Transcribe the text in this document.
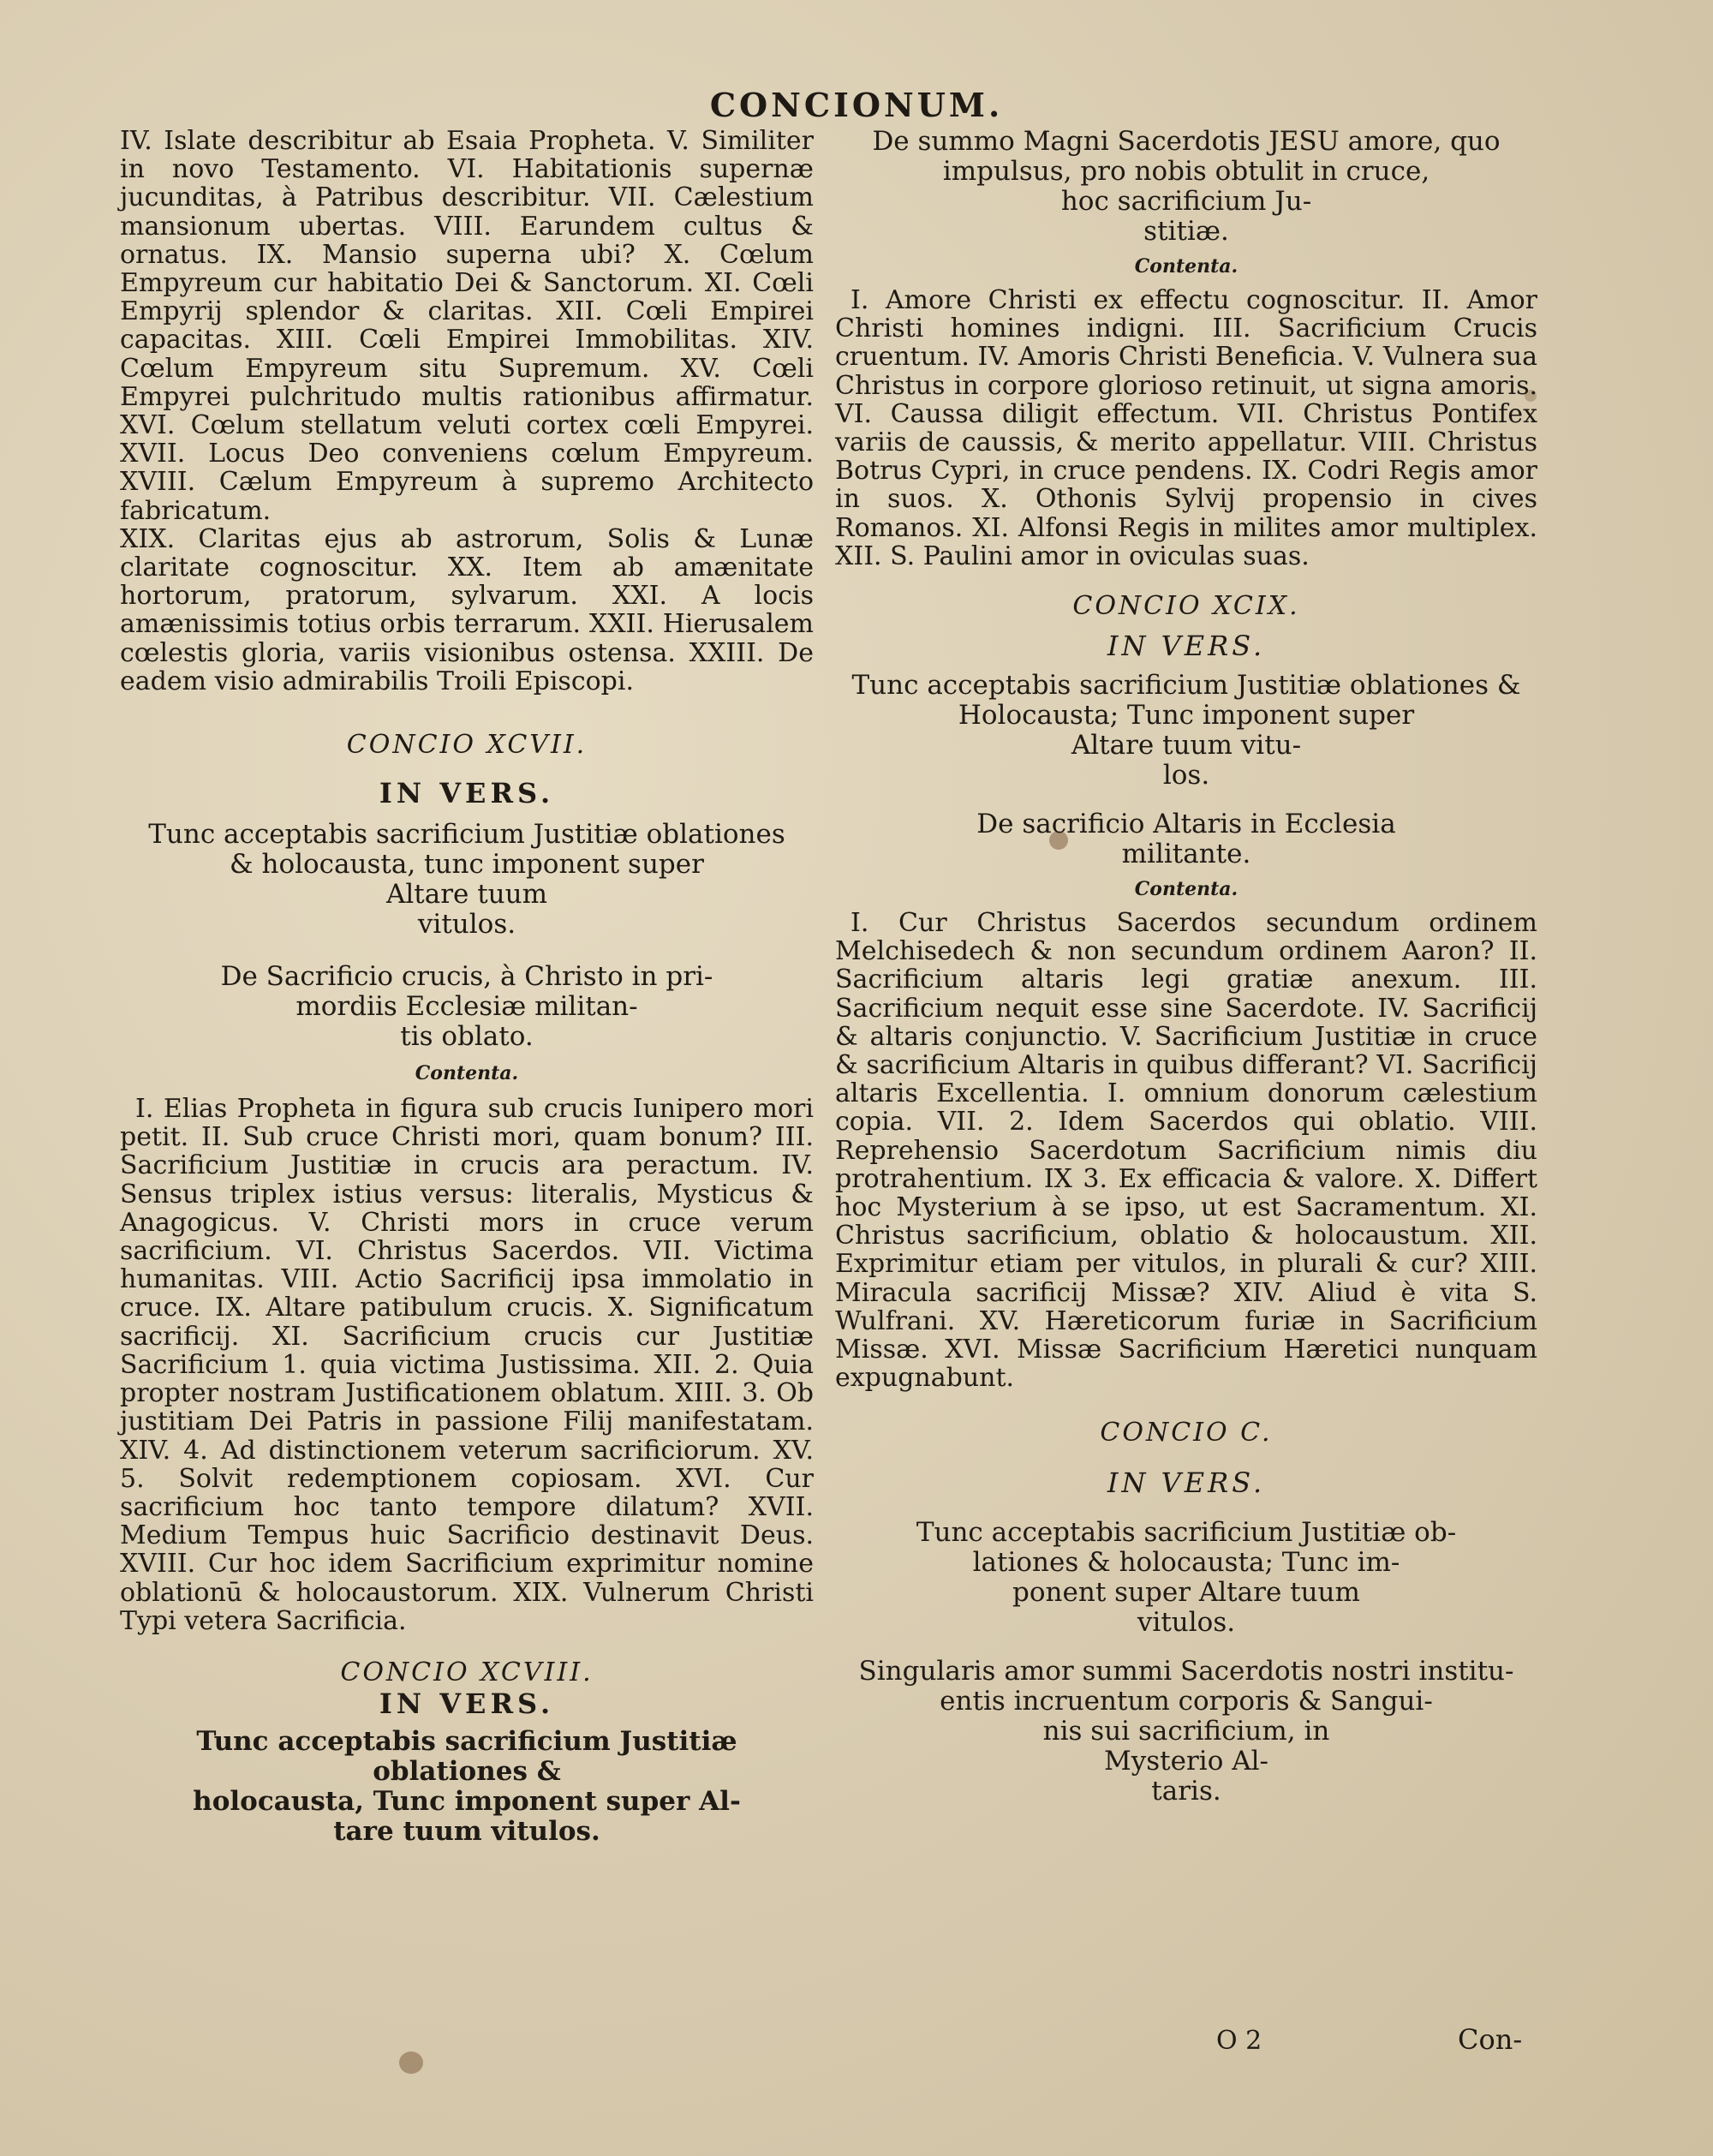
CONCIONUM.

IV. Islate describitur ab Esaia Propheta. V. Similiter in novo Testamento. VI. Habitationis supernæ jucunditas, à Patribus describitur. VII. Cælestium mansionum ubertas. VIII. Earundem cultus & ornatus. IX. Mansio superna ubi? X. Cœlum Empyreum cur habitatio Dei & Sanctorum. XI. Cœli Empyrij splendor & claritas. XII. Cœli Empirei capacitas. XIII. Cœli Empirei Immobilitas. XIV. Cœlum Empyreum situ Supremum. XV. Cœli Empyrei pulchritudo multis rationibus affirmatur. XVI. Cœlum stellatum veluti cortex cœli Empyrei. XVII. Locus Deo conveniens cœlum Empyreum. XVIII. Cælum Empyreum à supremo Architecto fabricatum.

XIX. Claritas ejus ab astrorum, Solis & Lunæ claritate cognoscitur. XX. Item ab amænitate hortorum, pratorum, sylvarum. XXI. A locis amænissimis totius orbis terrarum. XXII. Hierusalem cœlestis gloria, variis visionibus ostensa. XXIII. De eadem visio admirabilis Troili Episcopi.

CONCIO XCVII.

IN VERS.

Tunc acceptabis sacrificium Justitiæ oblationes

& holocausta, tunc imponent super

Altare tuum

vitulos.

De Sacrificio crucis, à Christo in pri-

mordiis Ecclesiæ militan-

tis oblato.

Contenta.

I. Elias Propheta in figura sub crucis Iunipero mori petit. II. Sub cruce Christi mori, quam bonum? III. Sacrificium Justitiæ in crucis ara peractum. IV. Sensus triplex istius versus: literalis, Mysticus & Anagogicus. V. Christi mors in cruce verum sacrificium. VI. Christus Sacerdos. VII. Victima humanitas. VIII. Actio Sacrificij ipsa immolatio in cruce. IX. Altare patibulum crucis. X. Significatum sacrificij. XI. Sacrificium crucis cur Justitiæ Sacrificium 1. quia victima Justissima. XII. 2. Quia propter nostram Justificationem oblatum. XIII. 3. Ob justitiam Dei Patris in passione Filij manifestatam. XIV. 4. Ad distinctionem veterum sacrificiorum. XV. 5. Solvit redemptionem copiosam. XVI. Cur sacrificium hoc tanto tempore dilatum? XVII. Medium Tempus huic Sacrificio destinavit Deus. XVIII. Cur hoc idem Sacrificium exprimitur nomine oblationū & holocaustorum. XIX. Vulnerum Christi Typi vetera Sacrificia.

CONCIO XCVIII.

IN VERS.

Tunc acceptabis sacrificium Justitiæ oblationes &

holocausta, Tunc imponent super Al-

tare tuum vitulos.

De summo Magni Sacerdotis JESU amore, quo

impulsus, pro nobis obtulit in cruce,

hoc sacrificium Ju-

stitiæ.

Contenta.

I. Amore Christi ex effectu cognoscitur. II. Amor Christi homines indigni. III. Sacrificium Crucis cruentum. IV. Amoris Christi Beneficia. V. Vulnera sua Christus in corpore glorioso retinuit, ut signa amoris. VI. Caussa diligit effectum. VII. Christus Pontifex variis de caussis, & merito appellatur. VIII. Christus Botrus Cypri, in cruce pendens. IX. Codri Regis amor in suos. X. Othonis Sylvij propensio in cives Romanos. XI. Alfonsi Regis in milites amor multiplex. XII. S. Paulini amor in oviculas suas.

CONCIO XCIX.

IN VERS.

Tunc acceptabis sacrificium Justitiæ oblationes &

Holocausta; Tunc imponent super

Altare tuum vitu-

los.

De sacrificio Altaris in Ecclesia

militante.

Contenta.

I. Cur Christus Sacerdos secundum ordinem Melchisedech & non secundum ordinem Aaron? II. Sacrificium altaris legi gratiæ anexum. III. Sacrificium nequit esse sine Sacerdote. IV. Sacrificij & altaris conjunctio. V. Sacrificium Justitiæ in cruce & sacrificium Altaris in quibus differant? VI. Sacrificij altaris Excellentia. I. omnium donorum cælestium copia. VII. 2. Idem Sacerdos qui oblatio. VIII. Reprehensio Sacerdotum Sacrificium nimis diu protrahentium. IX 3. Ex efficacia & valore. X. Differt hoc Mysterium à se ipso, ut est Sacramentum. XI. Christus sacrificium, oblatio & holocaustum. XII. Exprimitur etiam per vitulos, in plurali & cur? XIII. Miracula sacrificij Missæ? XIV. Aliud è vita S. Wulfrani. XV. Hæreticorum furiæ in Sacrificium Missæ. XVI. Missæ Sacrificium Hæretici nunquam expugnabunt.

CONCIO C.

IN VERS.

Tunc acceptabis sacrificium Justitiæ ob-

lationes & holocausta; Tunc im-

ponent super Altare tuum

vitulos.

Singularis amor summi Sacerdotis nostri institu-

entis incruentum corporis & Sangui-

nis sui sacrificium, in

Mysterio Al-

taris.

O 2	Con-
